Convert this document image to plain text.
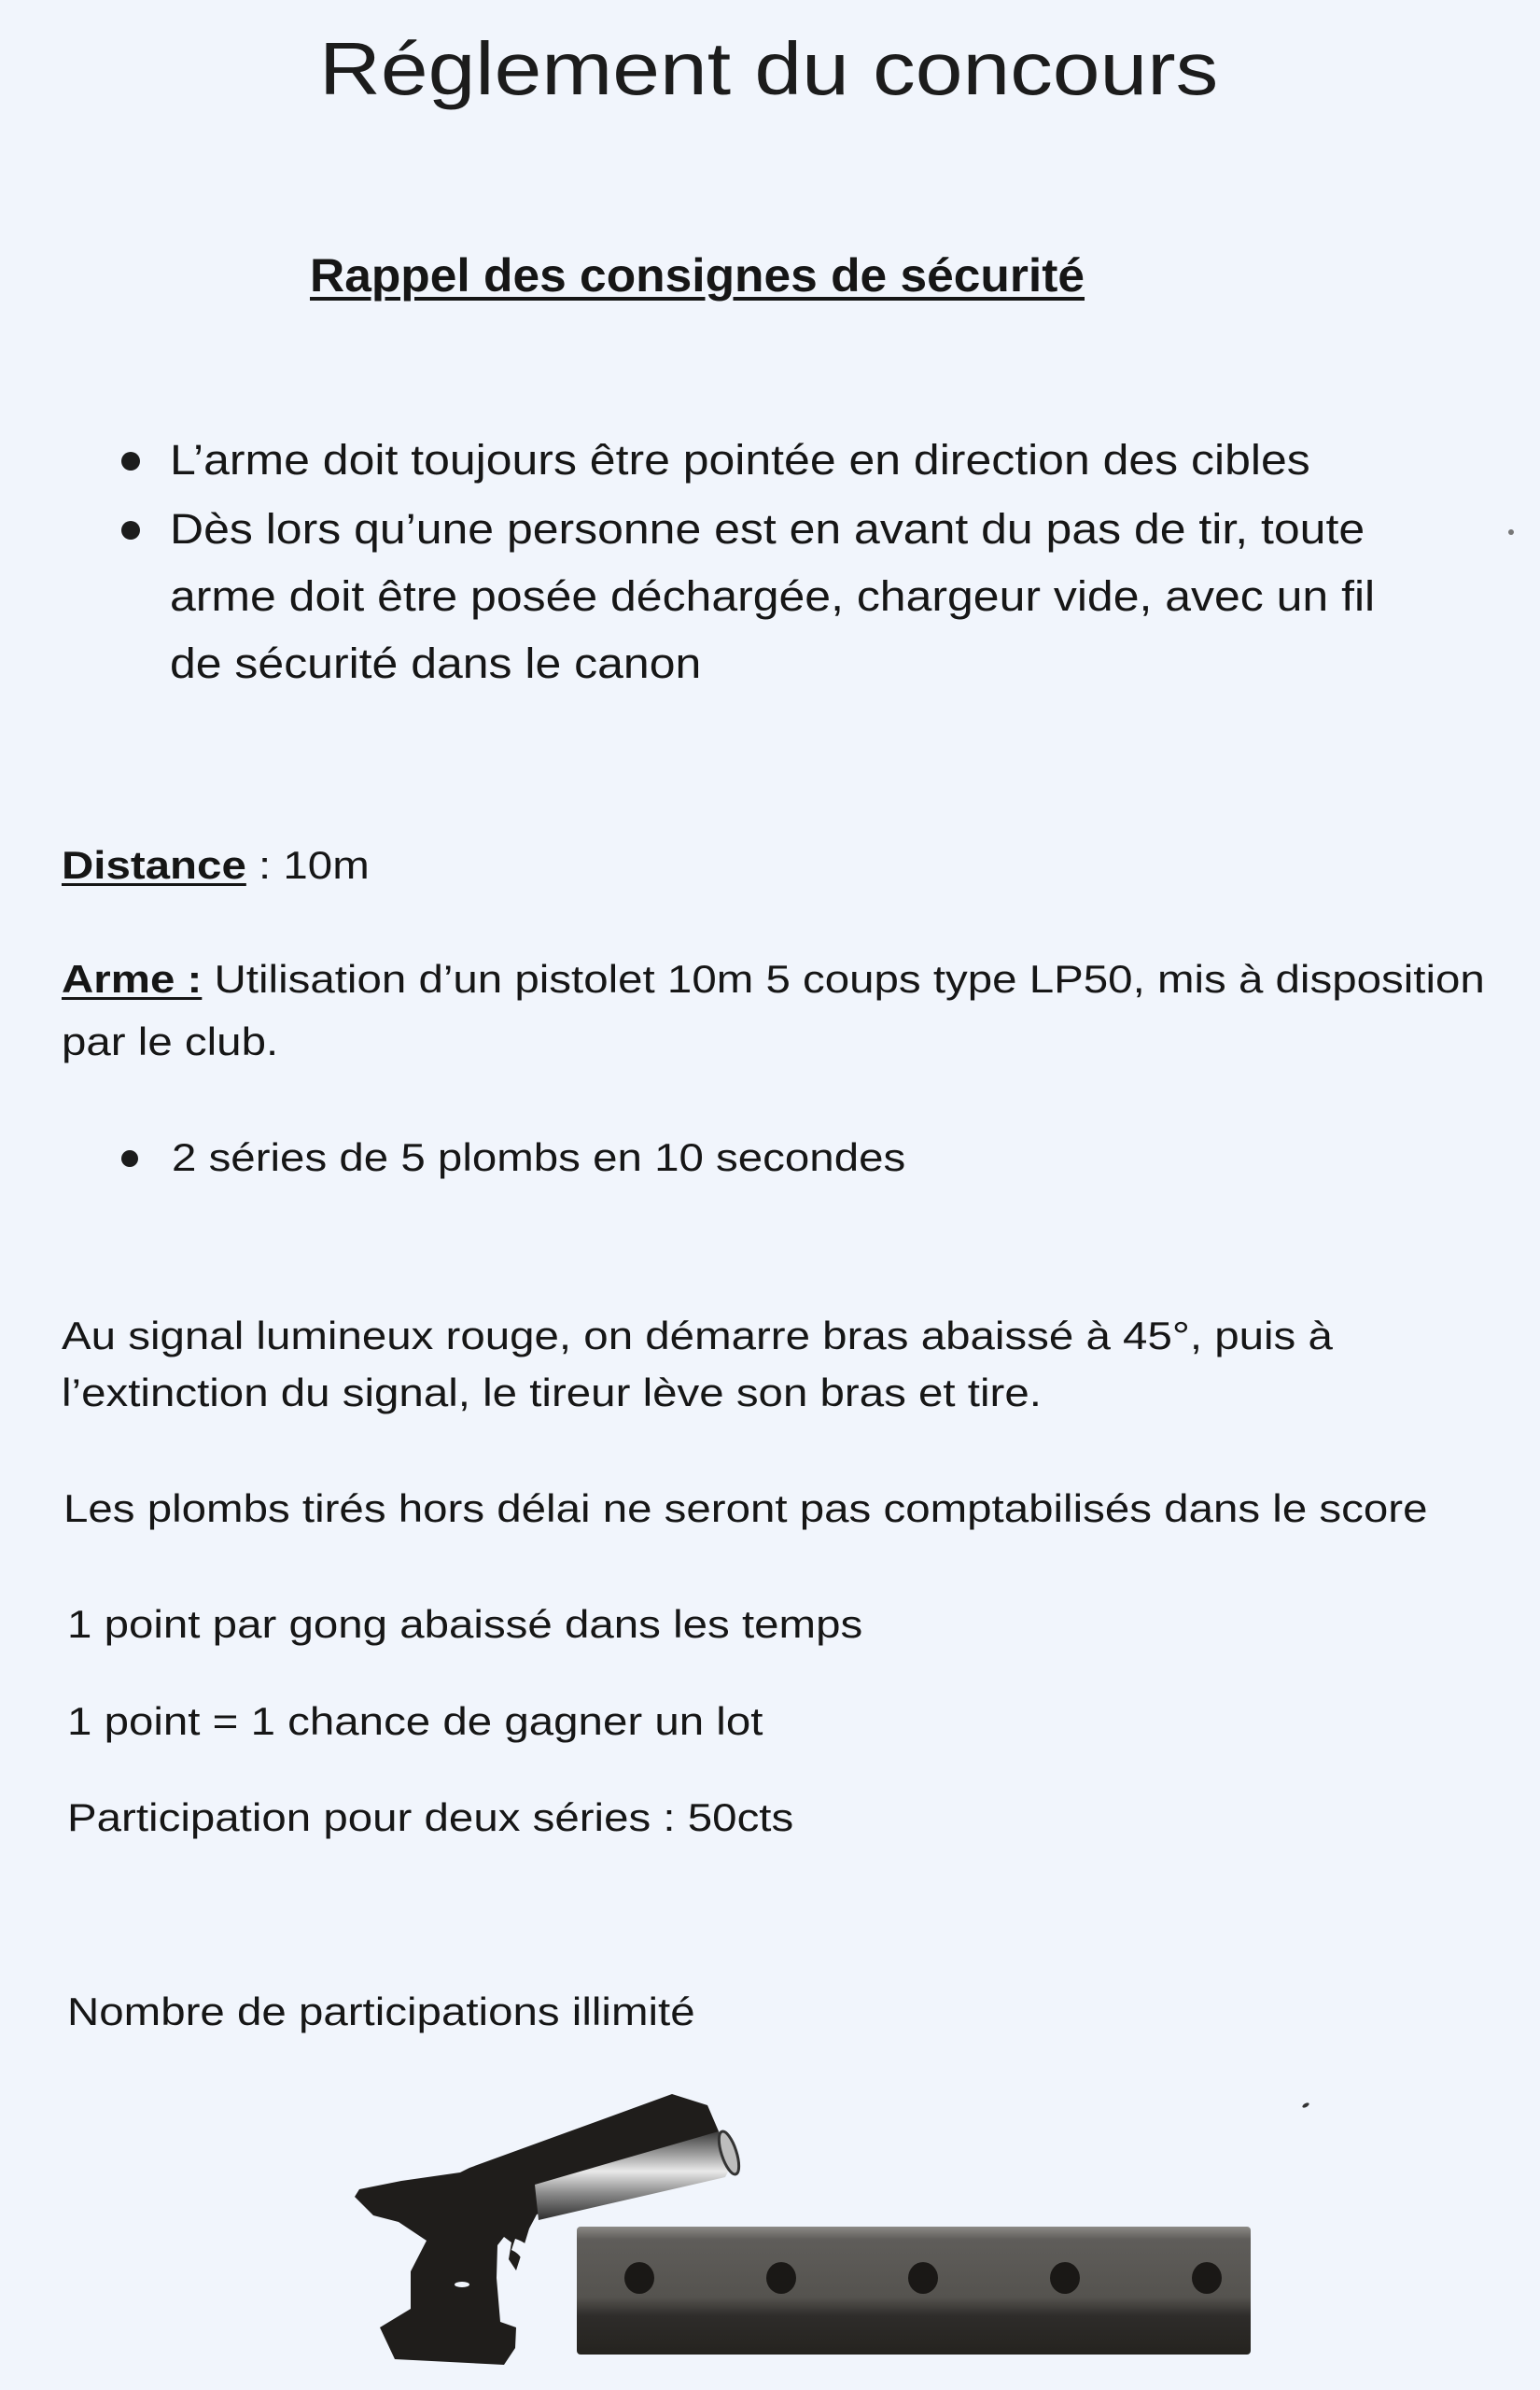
Réglement du concours
Rappel des consignes de sécurité
L’arme doit toujours être pointée en direction des cibles
Dès lors qu’une personne est en avant du pas de tir, toute
arme doit être posée déchargée, chargeur vide, avec un fil
de sécurité dans le canon
Distance : 10m
Arme : Utilisation d’un pistolet 10m 5 coups type LP50, mis à disposition
par le club.
2 séries de 5 plombs en 10 secondes
Au signal lumineux rouge, on démarre bras abaissé à 45°, puis à
l’extinction du signal, le tireur lève son bras et tire.
Les plombs tirés hors délai ne seront pas comptabilisés dans le score
1 point par gong abaissé dans les temps
1 point = 1 chance de gagner un lot
Participation pour deux séries : 50cts
Nombre de participations illimité
